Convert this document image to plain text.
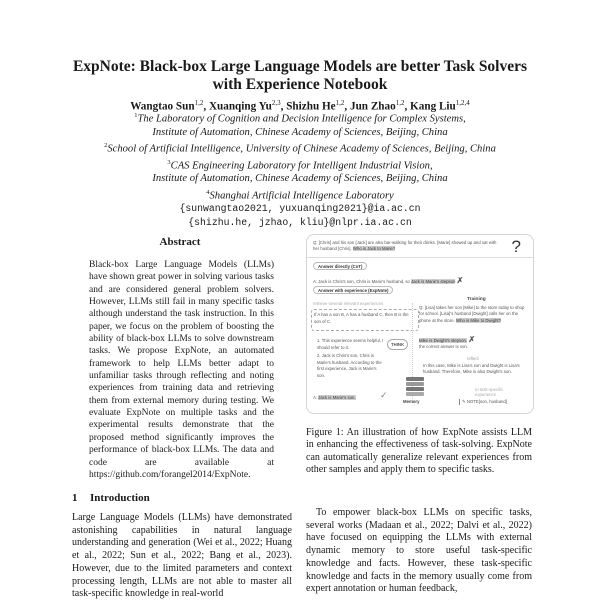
ExpNote: Black-box Large Language Models are better Task Solvers
with Experience Notebook
Wangtao Sun$^{1,2}$, Xuanqing Yu$^{2,3}$, Shizhu He$^{1,2}$, Jun Zhao$^{1,2}$, Kang Liu$^{1,2,4}$
$^1$The Laboratory of Cognition and Decision Intelligence for Complex Systems,
Institute of Automation, Chinese Academy of Sciences, Beijing, China
$^2$School of Artificial Intelligence, University of Chinese Academy of Sciences, Beijing, China
$^3$CAS Engineering Laboratory for Intelligent Industrial Vision,
Institute of Automation, Chinese Academy of Sciences, Beijing, China
$^4$Shanghai Artificial Intelligence Laboratory
{sunwangtao2021, yuxuanqing2021}@ia.ac.cn
{shizhu.he, jzhao, kliu}@nlpr.ia.ac.cn
Abstract

Black-box Large Language Models (LLMs) have shown great power in solving various tasks and are considered general problem solvers. However, LLMs still fail in many specific tasks although understand the task instruction. In this paper, we focus on the problem of boosting the ability of black-box LLMs to solve downstream tasks. We propose ExpNote, an automated framework to help LLMs better adapt to unfamiliar tasks through reflecting and noting experiences from training data and retrieving them from external memory during testing. We evaluate ExpNote on multiple tasks and the experimental results demonstrate that the proposed method significantly improves the performance of black-box LLMs. The data and code are available at https://github.com/forangel2014/ExpNote.

1 Introduction

Large Language Models (LLMs) have demonstrated astonishing capabilities in natural language understanding and generation (Wei et al., 2022; Huang et al., 2022; Sun et al., 2022; Bang et al., 2023). However, due to the limited parameters and context processing length, LLMs are not able to master all task-specific knowledge in real-world

Q: [Chris] and his son [Jack] are also bar-walking for their drinks. [Marie] showed up and sat with her husband [Chris]. Who is Jack to Marie?	?
Answer directly (CoT)
A: Jack is Chris's son, Chris is Marie's husband, so Jack is Marie's stepson ✗
Answer with experience (ExpNote)
retrieve several relevant experiences
If A has a son B, A has a husband C, then B is the son of C.
1. This experience seems helpful, I should refer to it.	THINK
2. Jack is Chris's son, Chris is Marie's husband. According to the first experience, Jack is Marie's son.
A: Jack is Marie's son.	✓
Memory
Training
Q: [Lisa] takes her son [Mike] to the store today to shop for school. [Lisa]'s husband [Dwight] calls her on the phone at the store. Who is Mike to Dwight?
Mike is Dwight's stepson. ✗
the correct answer is son.
reflect
In this case, Mike is Lisa's son and Dwight is Lisa's husband. Therefore, Mike is also Dwight's son.
to task-specific experience
✎ NOTE[son, husband]

Figure 1: An illustration of how ExpNote assists LLM in enhancing the effectiveness of task-solving. ExpNote can automatically generalize relevant experiences from other samples and apply them to specific tasks.

To empower black-box LLMs on specific tasks, several works (Madaan et al., 2022; Dalvi et al., 2022) have focused on equipping the LLMs with external dynamic memory to store useful task-specific knowledge and facts. However, these task-specific knowledge and facts in the memory usually come from expert annotation or human feedback,
